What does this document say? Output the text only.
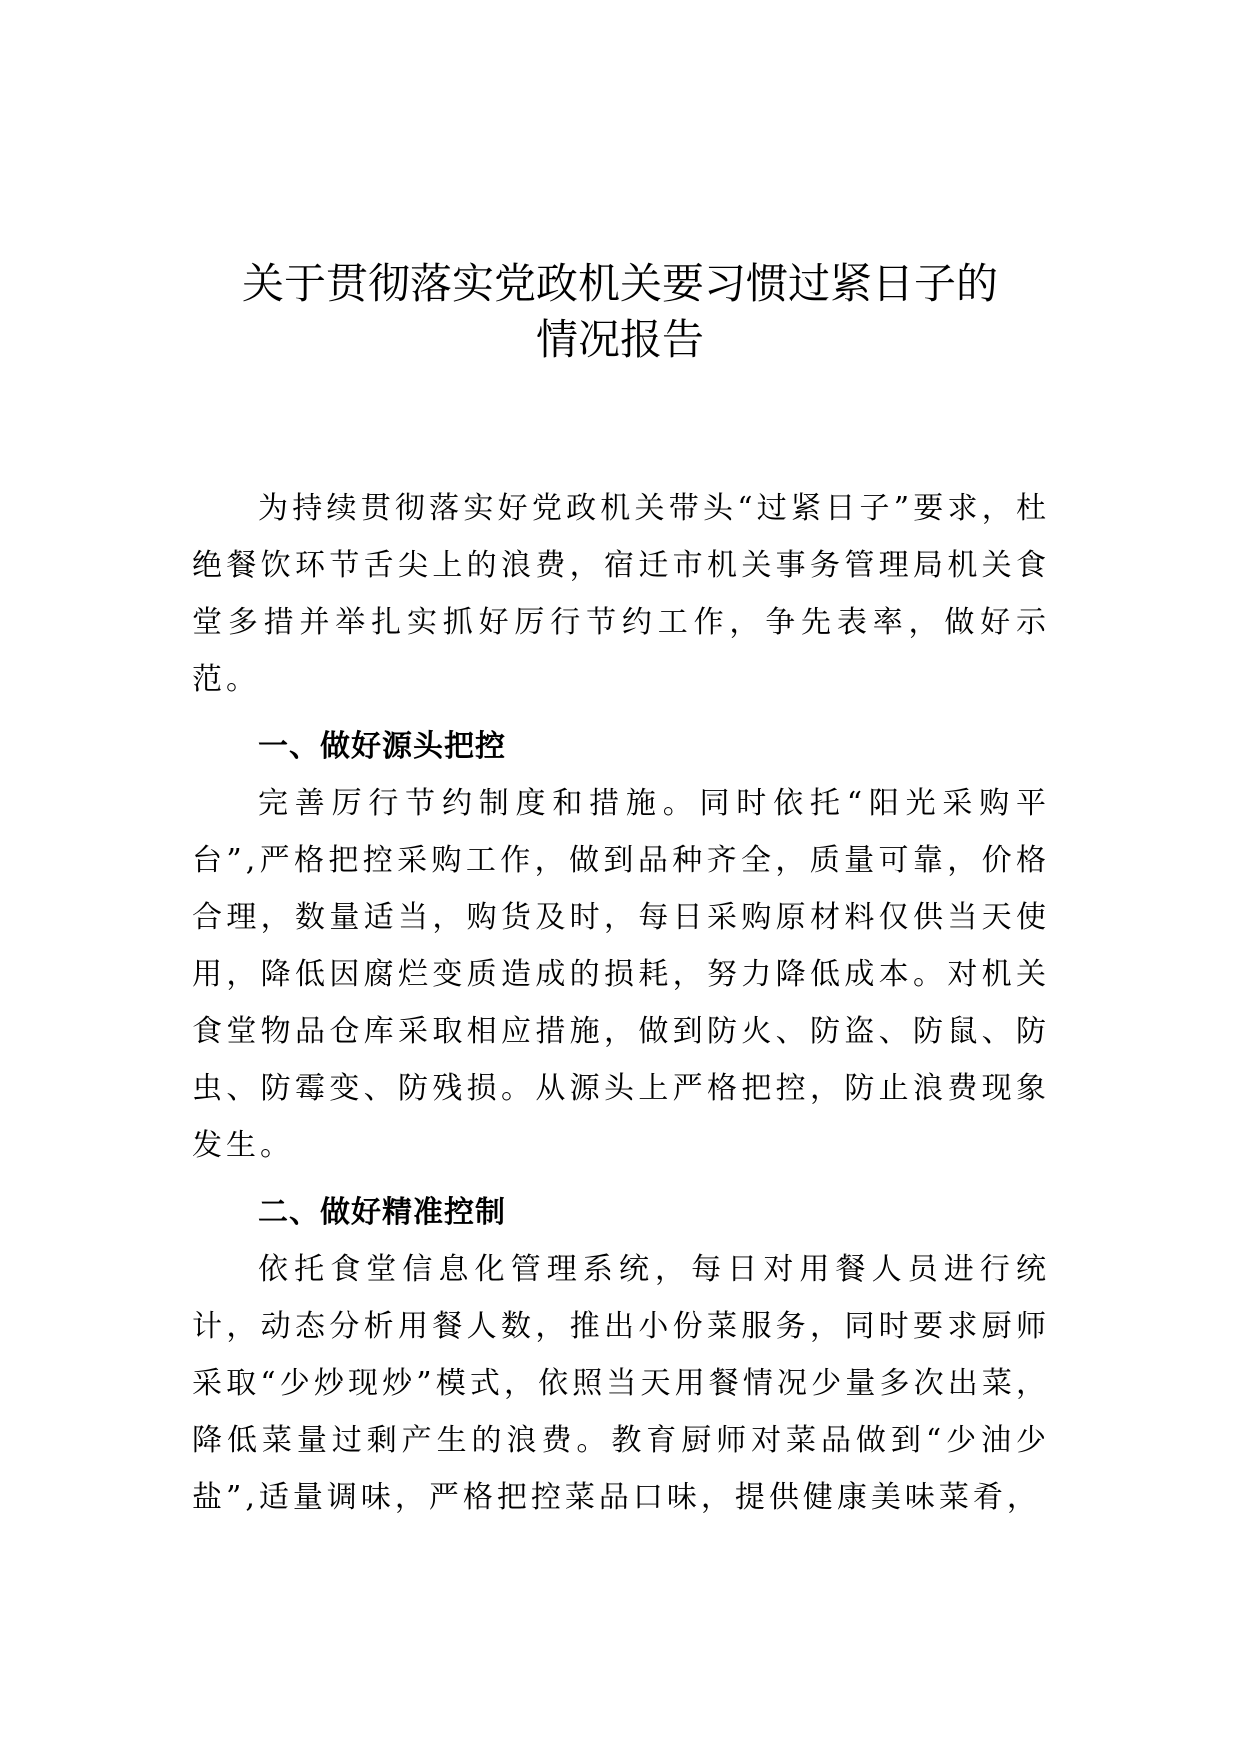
关于贯彻落实党政机关要习惯过紧日子的
情况报告

为持续贯彻落实好党政机关带头“过紧日子”要求，杜绝餐饮环节舌尖上的浪费，宿迁市机关事务管理局机关食堂多措并举扎实抓好厉行节约工作，争先表率，做好示范。

一、做好源头把控

完善厉行节约制度和措施。同时依托“阳光采购平台”,严格把控采购工作，做到品种齐全，质量可靠，价格合理，数量适当，购货及时，每日采购原材料仅供当天使用，降低因腐烂变质造成的损耗，努力降低成本。对机关食堂物品仓库采取相应措施，做到防火、防盗、防鼠、防虫、防霉变、防残损。从源头上严格把控，防止浪费现象发生。

二、做好精准控制

依托食堂信息化管理系统，每日对用餐人员进行统计，动态分析用餐人数，推出小份菜服务，同时要求厨师采取“少炒现炒”模式，依照当天用餐情况少量多次出菜，降低菜量过剩产生的浪费。教育厨师对菜品做到“少油少盐”,适量调味，严格把控菜品口味，提供健康美味菜肴，
